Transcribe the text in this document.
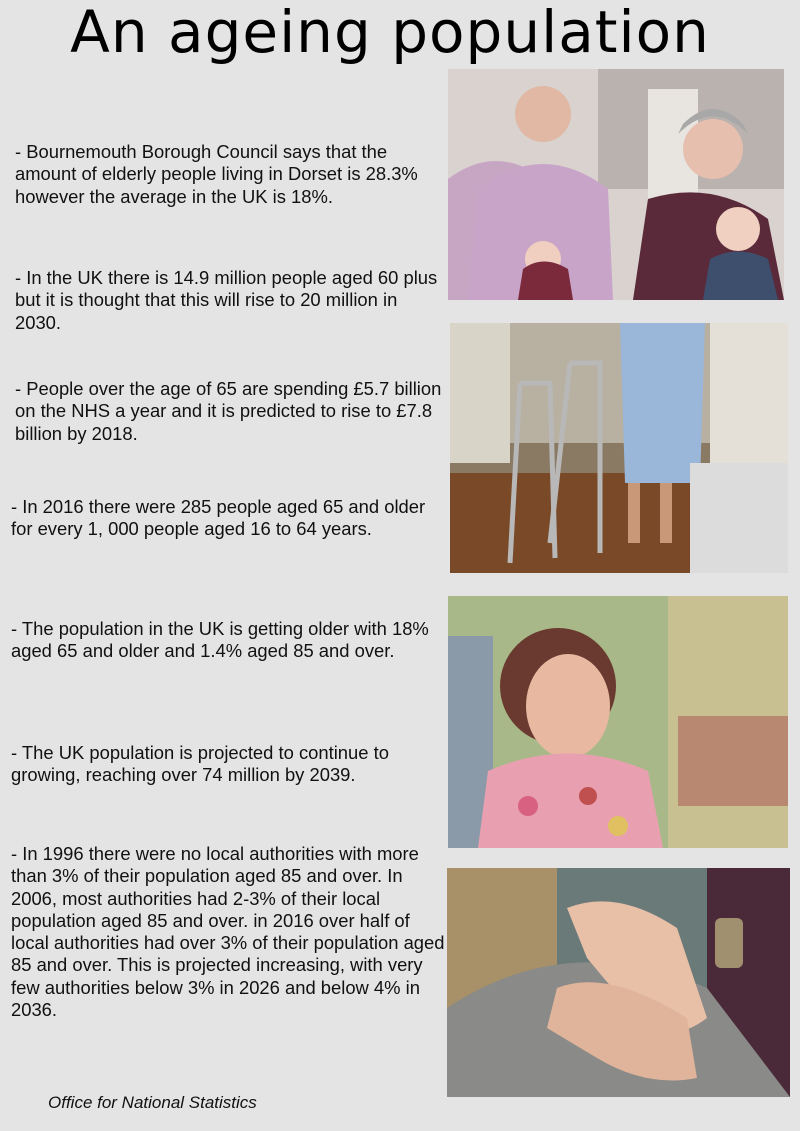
An ageing population

- Bournemouth Borough Council says that the amount of elderly people living in Dorset is 28.3% however the average in the UK is 18%.

- In the UK there is 14.9 million people aged 60 plus but it is thought that this will rise to 20 million in 2030.

- People over the age of 65 are spending £5.7 billion on the NHS a year and it is predicted to rise to £7.8 billion by 2018.

- In 2016 there were 285 people aged 65 and older for every 1, 000 people aged 16 to 64 years.

- The population in the UK is getting older with 18% aged 65 and older and 1.4% aged 85 and over.

- The UK population is projected to continue to growing, reaching over 74 million by 2039.

- In 1996 there were no local authorities with more than 3% of their population aged 85 and over. In 2006, most authorities had 2-3% of their local population aged 85 and over. in 2016 over half of local authorities had over 3% of their population aged 85 and over. This is projected increasing, with very few authorities below 3% in 2026 and below 4% in 2036.

Office for National Statistics
